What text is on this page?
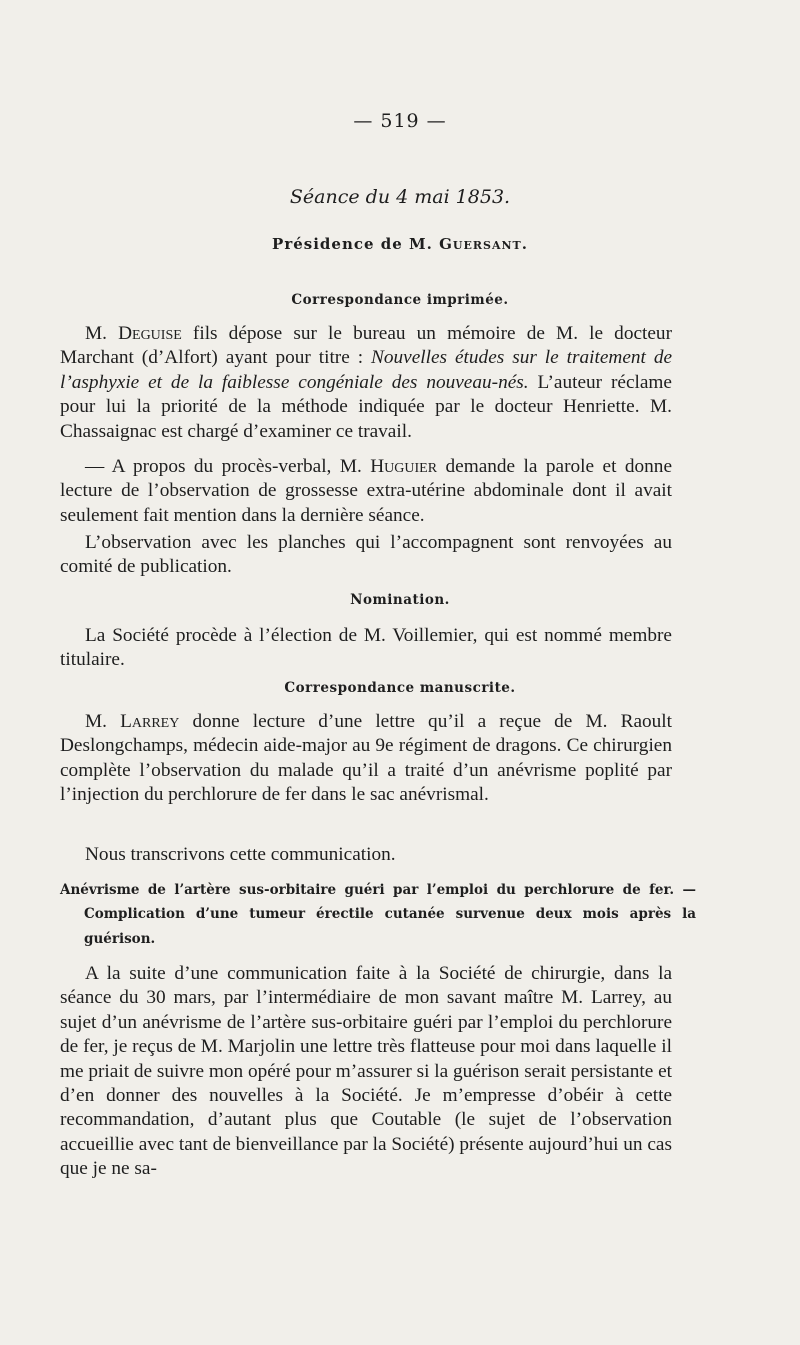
— 519 —
Séance du 4 mai 1853.
Présidence de M. Guersant.
Correspondance imprimée.

M. Deguise fils dépose sur le bureau un mémoire de M. le docteur Marchant (d’Alfort) ayant pour titre : Nouvelles études sur le traitement de l’asphyxie et de la faiblesse congéniale des nouveau-nés. L’auteur réclame pour lui la priorité de la méthode indiquée par le docteur Henriette. M. Chassaignac est chargé d’examiner ce travail.

— A propos du procès-verbal, M. Huguier demande la parole et donne lecture de l’observation de grossesse extra-utérine abdominale dont il avait seulement fait mention dans la dernière séance.

L’observation avec les planches qui l’accompagnent sont renvoyées au comité de publication.

Nomination.

La Société procède à l’élection de M. Voillemier, qui est nommé membre titulaire.

Correspondance manuscrite.

M. Larrey donne lecture d’une lettre qu’il a reçue de M. Raoult Deslongchamps, médecin aide-major au 9e régiment de dragons. Ce chirurgien complète l’observation du malade qu’il a traité d’un anévrisme poplité par l’injection du perchlorure de fer dans le sac anévrismal.

Nous transcrivons cette communication.

Anévrisme de l’artère sus-orbitaire guéri par l’emploi du perchlorure de fer. — Complication d’une tumeur érectile cutanée survenue deux mois après la guérison.

A la suite d’une communication faite à la Société de chirurgie, dans la séance du 30 mars, par l’intermédiaire de mon savant maître M. Larrey, au sujet d’un anévrisme de l’artère sus-orbitaire guéri par l’emploi du perchlorure de fer, je reçus de M. Marjolin une lettre très flatteuse pour moi dans laquelle il me priait de suivre mon opéré pour m’assurer si la guérison serait persistante et d’en donner des nouvelles à la Société. Je m’empresse d’obéir à cette recommandation, d’autant plus que Coutable (le sujet de l’observation accueillie avec tant de bienveillance par la Société) présente aujourd’hui un cas que je ne sa-
